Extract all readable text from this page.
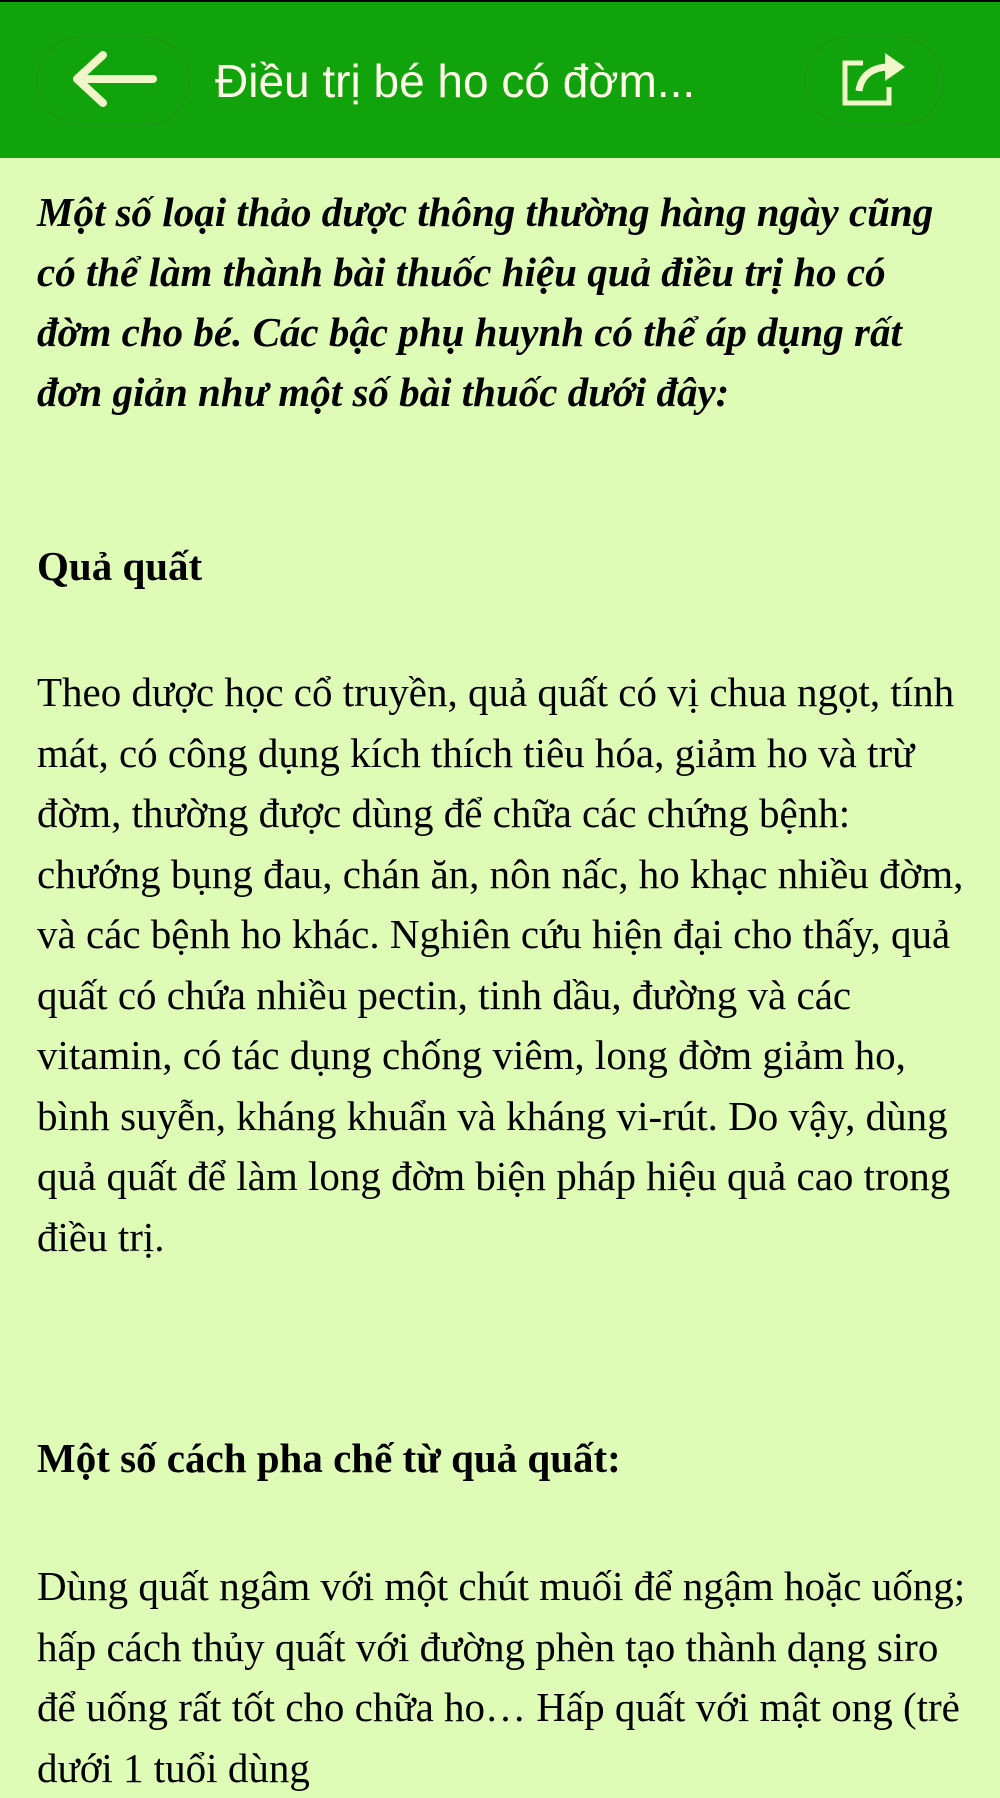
Điều trị bé ho có đờm...

Một số loại thảo dược thông thường hàng ngày cũng có thể làm thành bài thuốc hiệu quả điều trị ho có đờm cho bé. Các bậc phụ huynh có thể áp dụng rất đơn giản như một số bài thuốc dưới đây:

Quả quất

Theo dược học cổ truyền, quả quất có vị chua ngọt, tính mát, có công dụng kích thích tiêu hóa, giảm ho và trừ đờm, thường được dùng để chữa các chứng bệnh: chướng bụng đau, chán ăn, nôn nấc, ho khạc nhiều đờm, và các bệnh ho khác. Nghiên cứu hiện đại cho thấy, quả quất có chứa nhiều pectin, tinh dầu, đường và các vitamin, có tác dụng chống viêm, long đờm giảm ho, bình suyễn, kháng khuẩn và kháng vi-rút. Do vậy, dùng quả quất để làm long đờm biện pháp hiệu quả cao trong điều trị.

Một số cách pha chế từ quả quất:

Dùng quất ngâm với một chút muối để ngậm hoặc uống; hấp cách thủy quất với đường phèn tạo thành dạng siro để uống rất tốt cho chữa ho… Hấp quất với mật ong (trẻ dưới 1 tuổi dùng
